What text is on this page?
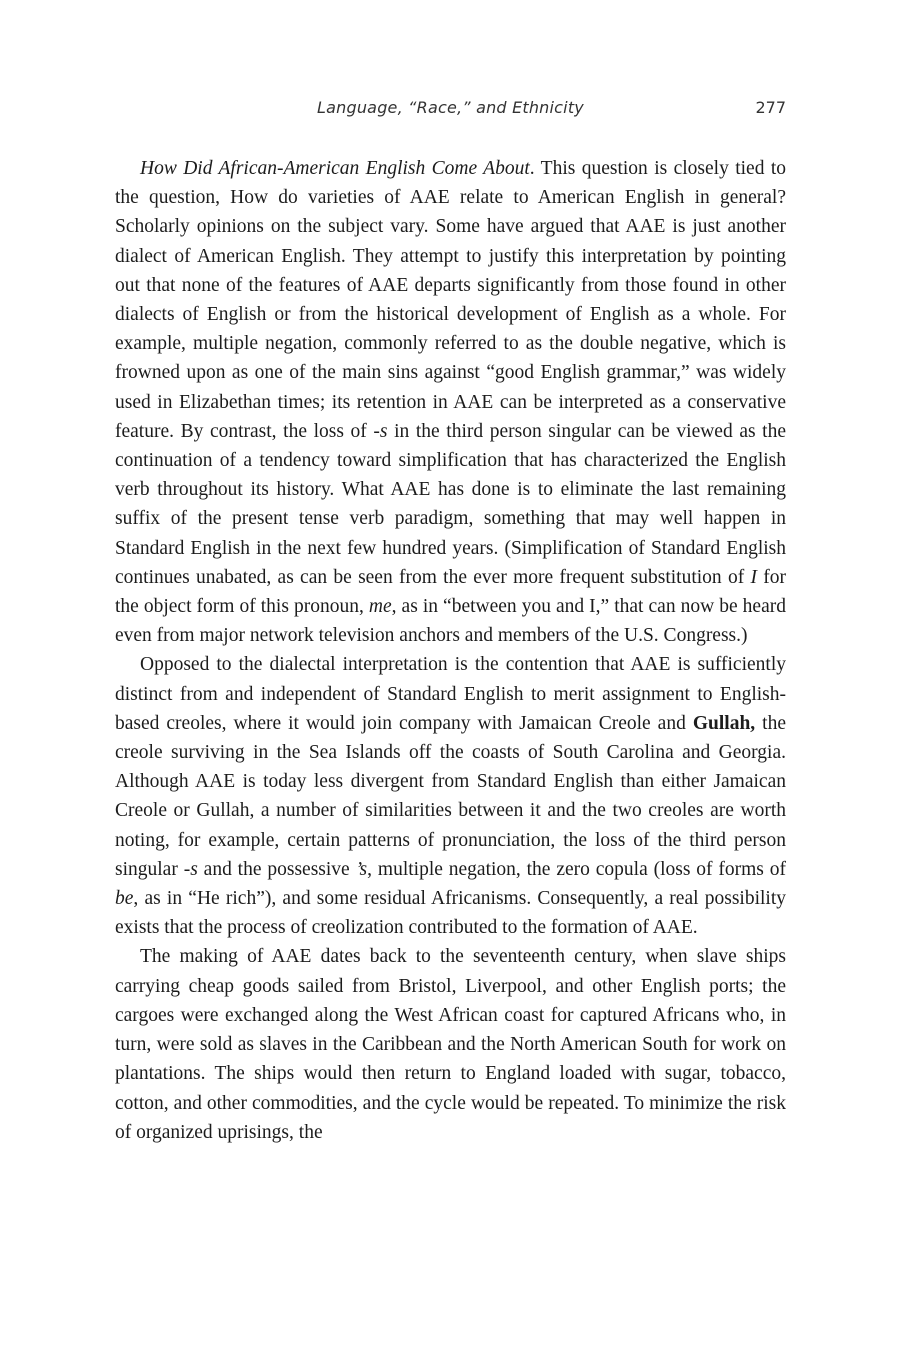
Language, “Race,” and Ethnicity	277

How Did African-American English Come About. This question is closely tied to the question, How do varieties of AAE relate to American English in general? Scholarly opinions on the subject vary. Some have argued that AAE is just another dialect of American English. They attempt to justify this interpretation by pointing out that none of the features of AAE departs significantly from those found in other dialects of English or from the historical development of English as a whole. For example, multiple negation, commonly referred to as the double negative, which is frowned upon as one of the main sins against “good English grammar,” was widely used in Elizabethan times; its retention in AAE can be interpreted as a conservative feature. By contrast, the loss of -s in the third person singular can be viewed as the continuation of a tendency toward simplification that has characterized the English verb throughout its history. What AAE has done is to eliminate the last remaining suffix of the present tense verb paradigm, something that may well happen in Standard English in the next few hundred years. (Simplification of Standard English continues unabated, as can be seen from the ever more frequent substitution of I for the object form of this pronoun, me, as in “between you and I,” that can now be heard even from major network television anchors and members of the U.S. Congress.)

Opposed to the dialectal interpretation is the contention that AAE is sufficiently distinct from and independent of Standard English to merit assignment to English-based creoles, where it would join company with Jamaican Creole and Gullah, the creole surviving in the Sea Islands off the coasts of South Carolina and Georgia. Although AAE is today less divergent from Standard English than either Jamaican Creole or Gullah, a number of similarities between it and the two creoles are worth noting, for example, certain patterns of pronunciation, the loss of the third person singular -s and the possessive ’s, multiple negation, the zero copula (loss of forms of be, as in “He rich”), and some residual Africanisms. Consequently, a real possibility exists that the process of creolization contributed to the formation of AAE.

The making of AAE dates back to the seventeenth century, when slave ships carrying cheap goods sailed from Bristol, Liverpool, and other English ports; the cargoes were exchanged along the West African coast for captured Africans who, in turn, were sold as slaves in the Caribbean and the North American South for work on plantations. The ships would then return to England loaded with sugar, tobacco, cotton, and other commodities, and the cycle would be repeated. To minimize the risk of organized uprisings, the
